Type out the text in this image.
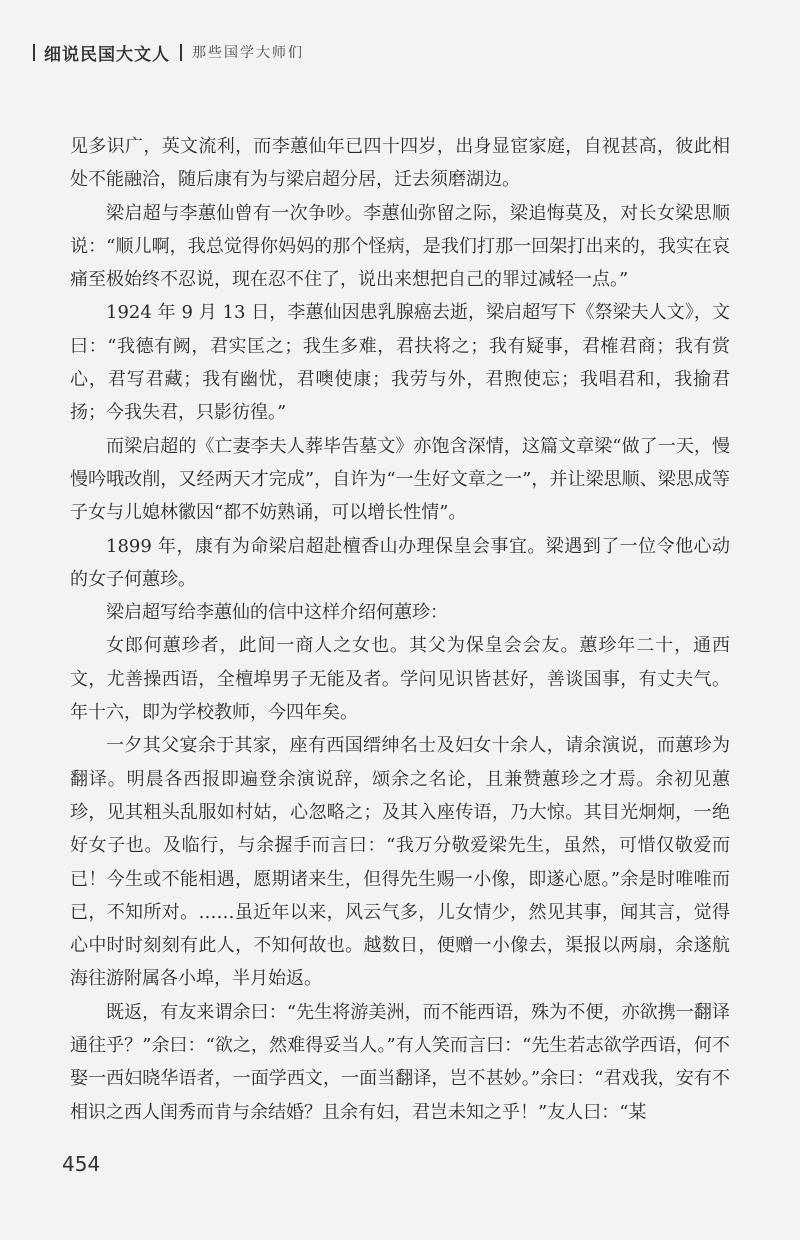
细说民国大文人 那些国学大师们

见多识广，英文流利，而李蕙仙年已四十四岁，出身显宦家庭，自视甚高，彼此相处不能融洽，随后康有为与梁启超分居，迁去须磨湖边。

梁启超与李蕙仙曾有一次争吵。李蕙仙弥留之际，梁追悔莫及，对长女梁思顺说：“顺儿啊，我总觉得你妈妈的那个怪病，是我们打那一回架打出来的，我实在哀痛至极始终不忍说，现在忍不住了，说出来想把自己的罪过减轻一点。”

1924 年 9 月 13 日，李蕙仙因患乳腺癌去逝，梁启超写下《祭梁夫人文》，文曰：“我德有阙，君实匡之；我生多难，君扶将之；我有疑事，君榷君商；我有赏心，君写君藏；我有幽忧，君噢使康；我劳与外，君煦使忘；我唱君和，我揄君扬；今我失君，只影彷徨。”

而梁启超的《亡妻李夫人葬毕告墓文》亦饱含深情，这篇文章梁“做了一天，慢慢吟哦改削，又经两天才完成”，自许为“一生好文章之一”，并让梁思顺、梁思成等子女与儿媳林徽因“都不妨熟诵，可以增长性情”。

1899 年，康有为命梁启超赴檀香山办理保皇会事宜。梁遇到了一位令他心动的女子何蕙珍。

梁启超写给李蕙仙的信中这样介绍何蕙珍：

女郎何蕙珍者，此间一商人之女也。其父为保皇会会友。蕙珍年二十，通西文，尤善操西语，全檀埠男子无能及者。学问见识皆甚好，善谈国事，有丈夫气。年十六，即为学校教师，今四年矣。

一夕其父宴余于其家，座有西国缙绅名士及妇女十余人，请余演说，而蕙珍为翻译。明晨各西报即遍登余演说辞，颂余之名论，且兼赞蕙珍之才焉。余初见蕙珍，见其粗头乱服如村姑，心忽略之；及其入座传语，乃大惊。其目光炯炯，一绝好女子也。及临行，与余握手而言曰：“我万分敬爱梁先生，虽然，可惜仅敬爱而已！今生或不能相遇，愿期诸来生，但得先生赐一小像，即遂心愿。”余是时唯唯而已，不知所对。……虽近年以来，风云气多，儿女情少，然见其事，闻其言，觉得心中时时刻刻有此人，不知何故也。越数日，便赠一小像去，渠报以两扇，余遂航海往游附属各小埠，半月始返。

既返，有友来谓余曰：“先生将游美洲，而不能西语，殊为不便，亦欲携一翻译通往乎？”余曰：“欲之，然难得妥当人。”有人笑而言曰：“先生若志欲学西语，何不娶一西妇晓华语者，一面学西文，一面当翻译，岂不甚妙。”余曰：“君戏我，安有不相识之西人闺秀而肯与余结婚？且余有妇，君岂未知之乎！”友人曰：“某

454
